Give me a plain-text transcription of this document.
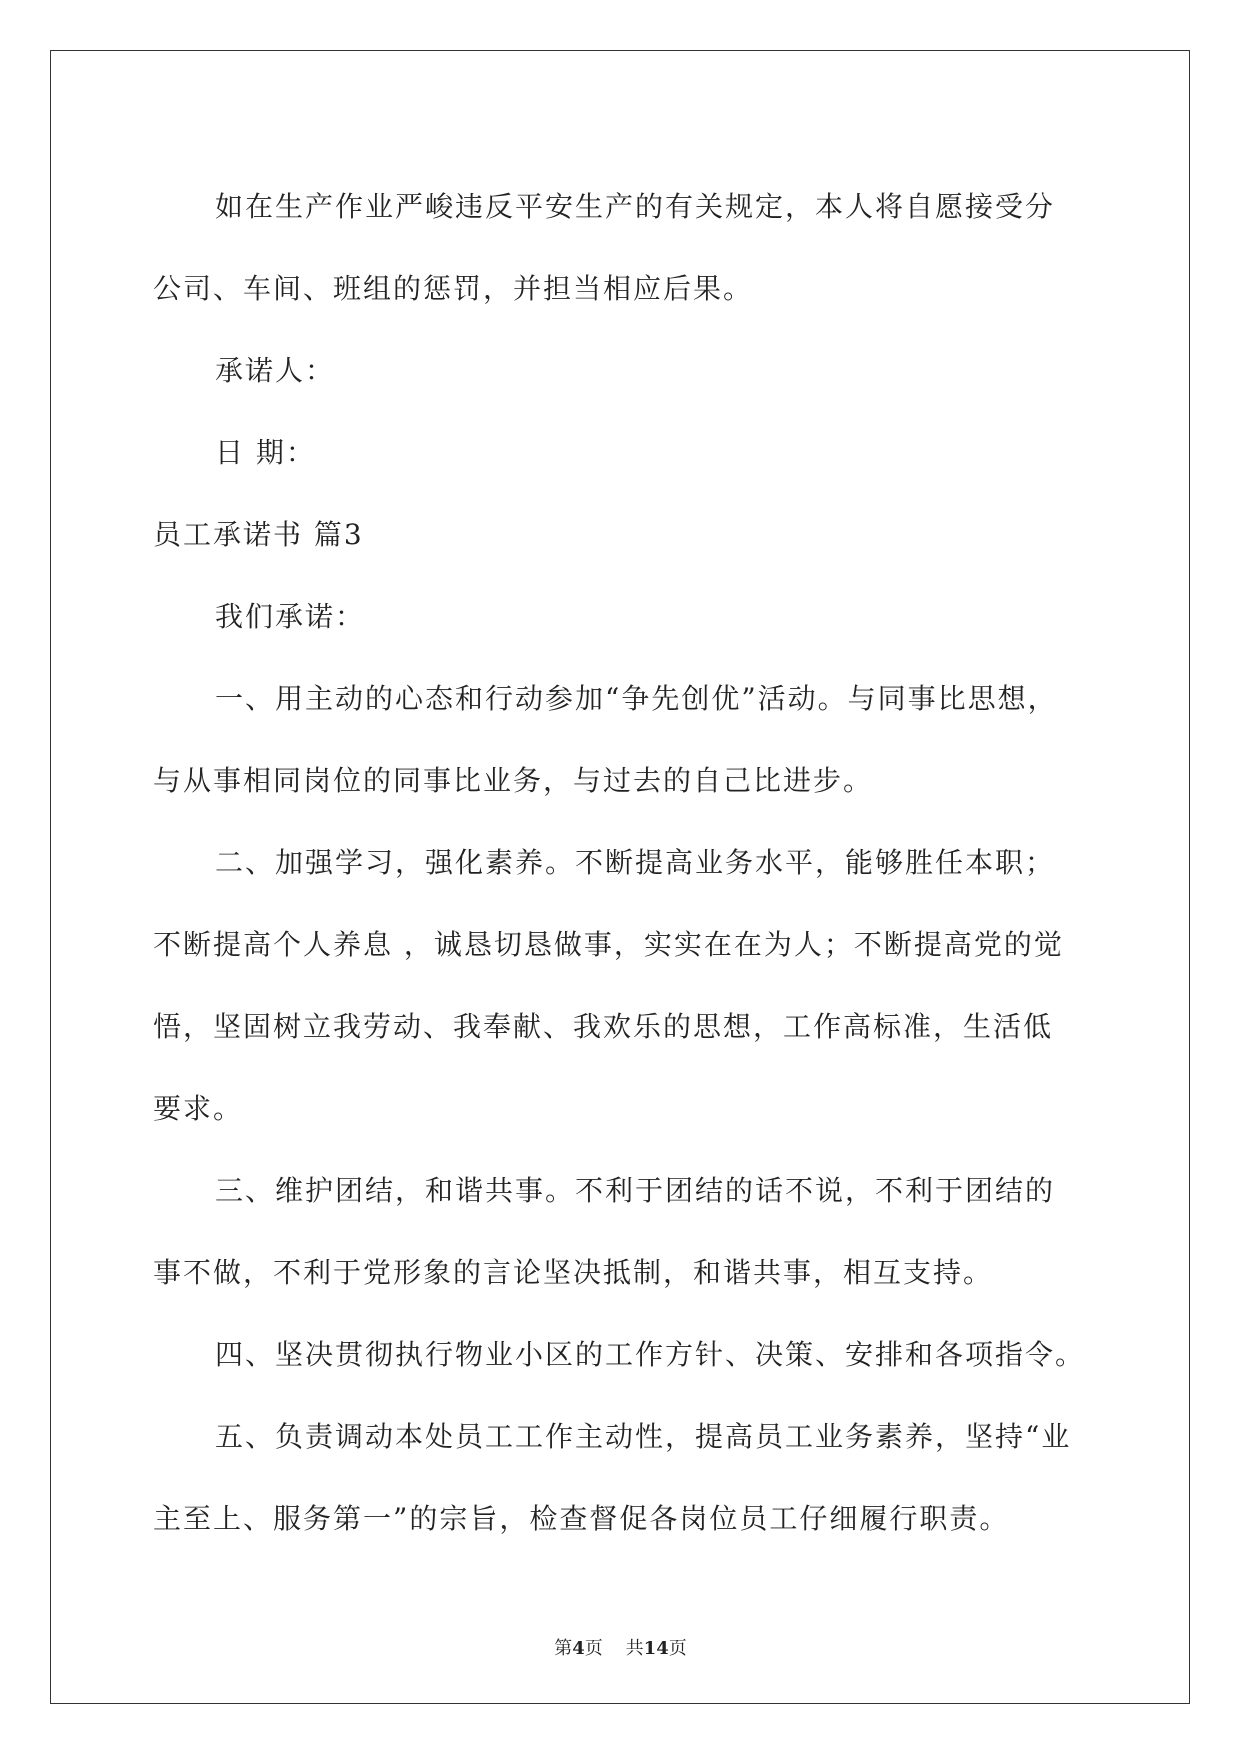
如在生产作业严峻违反平安生产的有关规定，本人将自愿接受分

公司、车间、班组的惩罚，并担当相应后果。

承诺人：

日 期：

员工承诺书 篇3

我们承诺：

一、用主动的心态和行动参加“争先创优”活动。与同事比思想，

与从事相同岗位的同事比业务，与过去的自己比进步。

二、加强学习，强化素养。不断提高业务水平，能够胜任本职；

不断提高个人养息 ，诚恳切恳做事，实实在在为人；不断提高党的觉

悟，坚固树立我劳动、我奉献、我欢乐的思想，工作高标准，生活低

要求。

三、维护团结，和谐共事。不利于团结的话不说，不利于团结的

事不做，不利于党形象的言论坚决抵制，和谐共事，相互支持。

四、坚决贯彻执行物业小区的工作方针、决策、安排和各项指令。

五、负责调动本处员工工作主动性，提高员工业务素养，坚持“业

主至上、服务第一”的宗旨，检查督促各岗位员工仔细履行职责。

第4页 共14页
